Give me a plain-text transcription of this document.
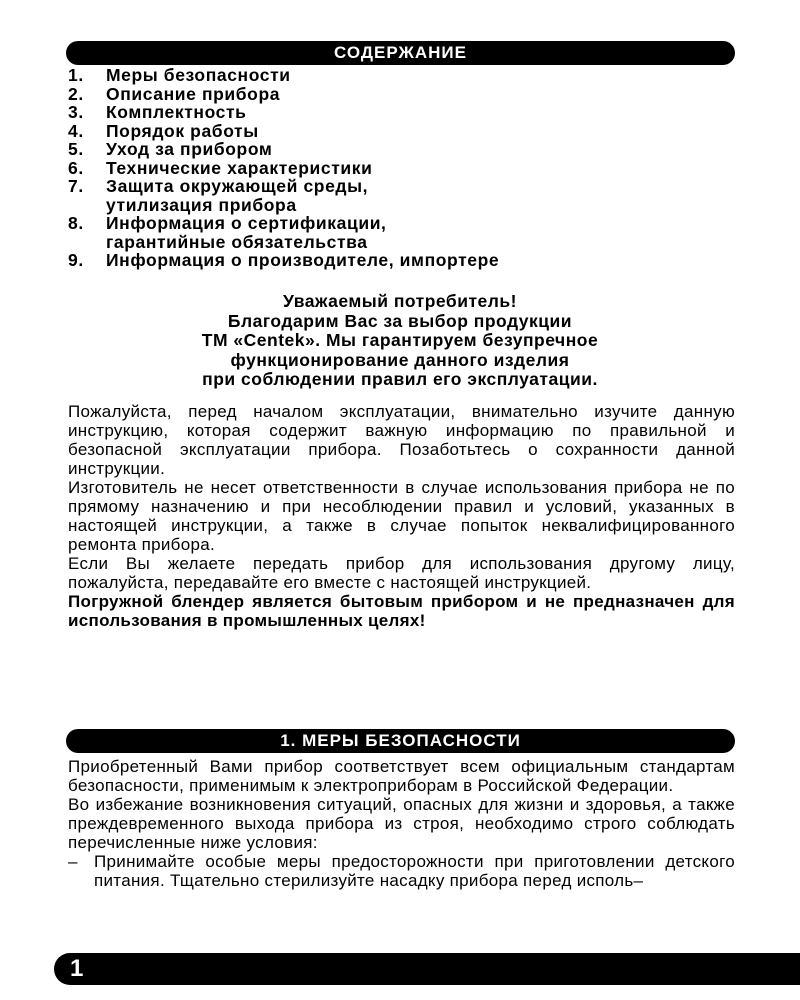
СОДЕРЖАНИЕ
1.	Меры безопасности
2.	Описание прибора
3.	Комплектность
4.	Порядок работы
5.	Уход за прибором
6.	Технические характеристики
7.	Защита окружающей среды,
утилизация прибора
8.	Информация о сертификации,
гарантийные обязательства
9.	Информация о производителе, импортере
Уважаемый потребитель!
Благодарим Вас за выбор продукции
ТМ «Centek». Мы гарантируем безупречное
функционирование данного изделия
при соблюдении правил его эксплуатации.

Пожалуйста, перед началом эксплуатации, внимательно изучите данную инструкцию, которая содержит важную информацию по правильной и безопасной эксплуатации прибора. Позаботьтесь о сохранности данной инструкции.

Изготовитель не несет ответственности в случае использования прибора не по прямому назначению и при несоблюдении правил и условий, указанных в настоящей инструкции, а также в случае попыток неквалифицированного ремонта прибора.

Если Вы желаете передать прибор для использования другому лицу, пожалуйста, передавайте его вместе с настоящей инструкцией.

Погружной блендер является бытовым прибором и не предназначен для использования в промышленных целях!

1. МЕРЫ БЕЗОПАСНОСТИ

Приобретенный Вами прибор соответствует всем официальным стандартам безопасности, применимым к электроприборам в Российской Федерации.

Во избежание возникновения ситуаций, опасных для жизни и здоровья, а также преждевременного выхода прибора из строя, необходимо строго соблюдать перечисленные ниже условия:

– Принимайте особые меры предосторожности при приготовлении детского питания. Тщательно стерилизуйте насадку прибора перед исполь–
1
